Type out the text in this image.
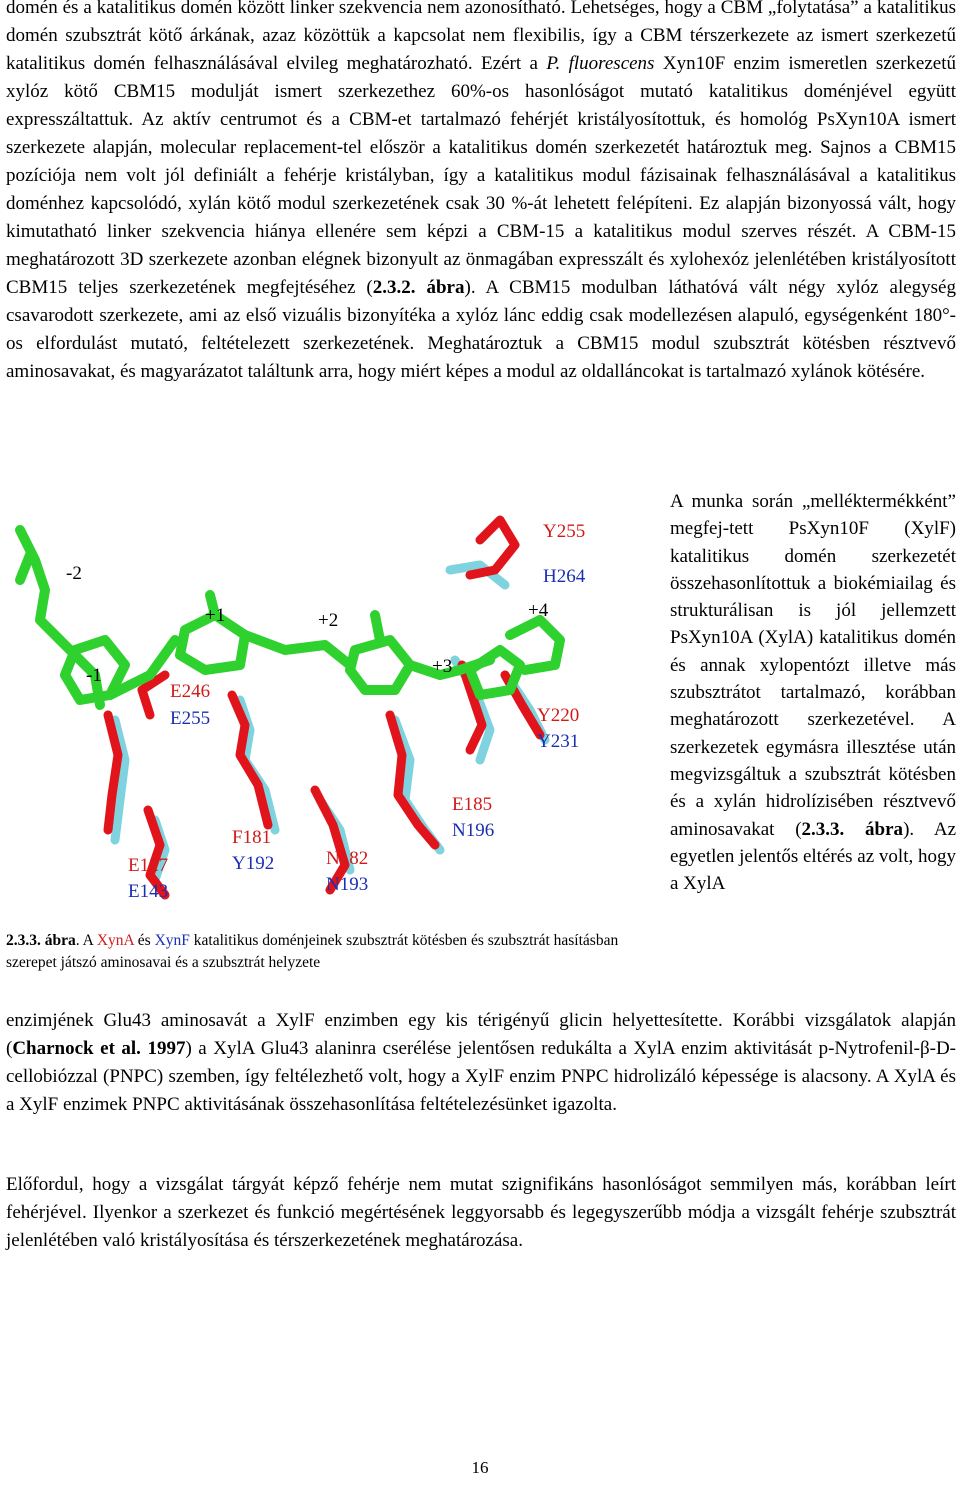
domén és a katalitikus domén között linker szekvencia nem azonosítható. Lehetséges, hogy a CBM „folytatása” a katalitikus domén szubsztrát kötő árkának, azaz közöttük a kapcsolat nem flexibilis, így a CBM térszerkezete az ismert szerkezetű katalitikus domén felhasználásával elvileg meghatározható. Ezért a P. fluorescens Xyn10F enzim ismeretlen szerkezetű xylóz kötő CBM15 modulját ismert szerkezethez 60%-os hasonlóságot mutató katalitikus doménjével együtt expresszáltattuk. Az aktív centrumot és a CBM-et tartalmazó fehérjét kristályosítottuk, és homológ PsXyn10A ismert szerkezete alapján, molecular replacement-tel először a katalitikus domén szerkezetét határoztuk meg. Sajnos a CBM15 pozíciója nem volt jól definiált a fehérje kristályban, így a katalitikus modul fázisainak felhasználásával a katalitikus doménhez kapcsolódó, xylán kötő modul szerkezetének csak 30 %-át lehetett felépíteni. Ez alapján bizonyossá vált, hogy kimutatható linker szekvencia hiánya ellenére sem képzi a CBM-15 a katalitikus modul szerves részét. A CBM-15 meghatározott 3D szerkezete azonban elégnek bizonyult az önmagában expresszált és xylohexóz jelenlétében kristályosított CBM15 teljes szerkezetének megfejtéséhez (2.3.2. ábra). A CBM15 modulban láthatóvá vált négy xylóz alegység csavarodott szerkezete, ami az első vizuális bizonyítéka a xylóz lánc eddig csak modellezésen alapuló, egységenként 180°-os elfordulást mutató, feltételezett szerkezetének. Meghatároztuk a CBM15 modul szubsztrát kötésben résztvevő aminosavakat, és magyarázatot találtunk arra, hogy miért képes a modul az oldalláncokat is tartalmazó xylánok kötésére.

-2
-1
+1	+2
+3
+4
E246
E255
E127
E143
F181
Y192	N182
N193
E185
N196
Y255
H264
Y220
Y231

2.3.3. ábra. A XynA és XynF katalitikus doménjeinek szubsztrát kötésben és szubsztrát hasításban szerepet játszó aminosavai és a szubsztrát helyzete

A munka során „melléktermékként” megfej-tett PsXyn10F (XylF) katalitikus domén szerkezetét összehasonlítottuk a biokémiailag és strukturálisan is jól jellemzett PsXyn10A (XylA) katalitikus domén és annak xylopentózt illetve más szubsztrátot tartalmazó, korábban meghatározott szerkezetével. A szerkezetek egymásra illesztése után megvizsgáltuk a szubsztrát kötésben és a xylán hidrolízisében résztvevő aminosavakat (2.3.3. ábra). Az egyetlen jelentős eltérés az volt, hogy a XylA

enzimjének Glu43 aminosavát a XylF enzimben egy kis térigényű glicin helyettesítette. Korábbi vizsgálatok alapján (Charnock et al. 1997) a XylA Glu43 alaninra cserélése jelentősen redukálta a XylA enzim aktivitását p-Nytrofenil-β-D-cellobiózzal (PNPC) szemben, így feltélezhető volt, hogy a XylF enzim PNPC hidrolizáló képessége is alacsony. A XylA és a XylF enzimek PNPC aktivitásának összehasonlítása feltételezésünket igazolta.

Előfordul, hogy a vizsgálat tárgyát képző fehérje nem mutat szignifikáns hasonlóságot semmilyen más, korábban leírt fehérjével. Ilyenkor a szerkezet és funkció megértésének leggyorsabb és legegyszerűbb módja a vizsgált fehérje szubsztrát jelenlétében való kristályosítása és térszerkezetének meghatározása.

16
